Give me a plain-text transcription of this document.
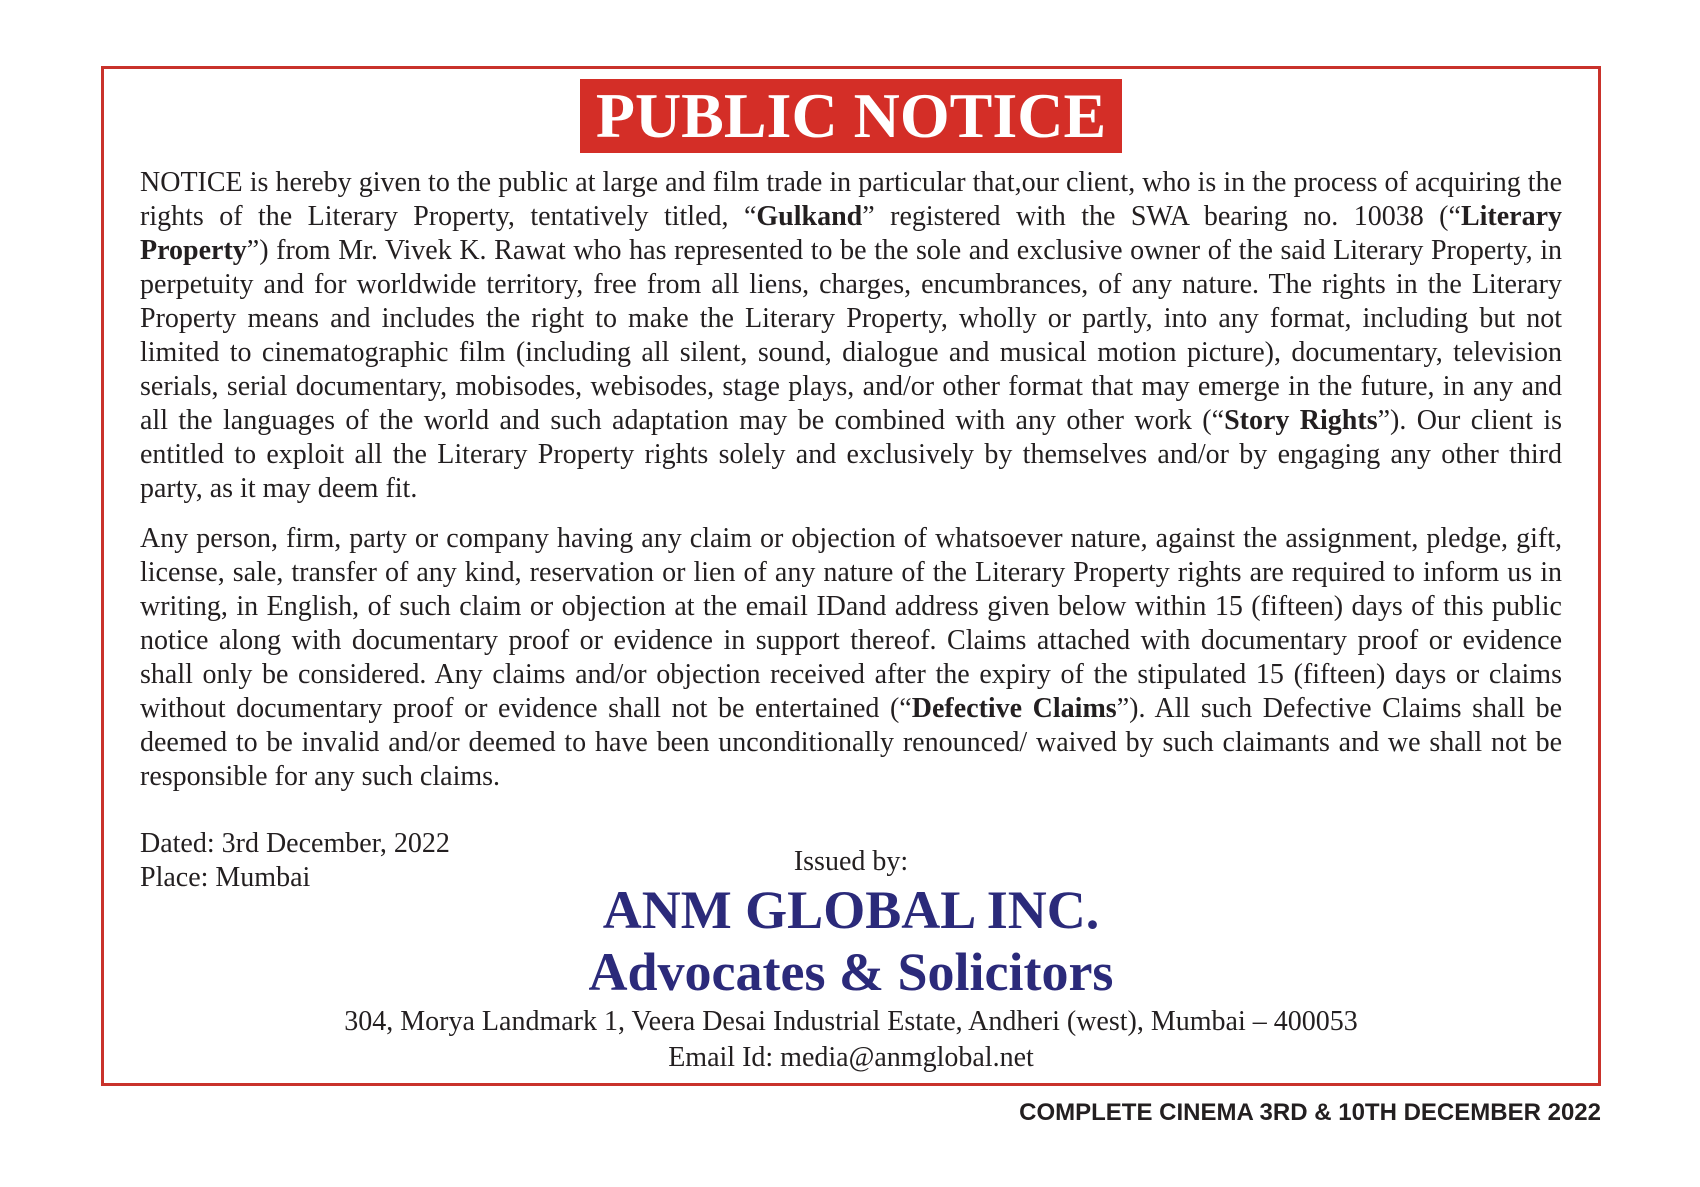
PUBLIC NOTICE

NOTICE is hereby given to the public at large and film trade in particular that,our client, who is in the process of acquiring the rights of the Literary Property, tentatively titled, “Gulkand” registered with the SWA bearing no. 10038 (“Literary Property”) from Mr. Vivek K. Rawat who has represented to be the sole and exclusive owner of the said Literary Property, in perpetuity and for worldwide territory, free from all liens, charges, encumbrances, of any nature. The rights in the Literary Property means and includes the right to make the Literary Property, wholly or partly, into any format, including but not limited to cinematographic film (including all silent, sound, dialogue and musical motion picture), documentary, television serials, serial documentary, mobisodes, webisodes, stage plays, and/or other format that may emerge in the future, in any and all the languages of the world and such adaptation may be combined with any other work (“Story Rights”). Our client is entitled to exploit all the Literary Property rights solely and exclusively by themselves and/or by engaging any other third party, as it may deem fit.

Any person, firm, party or company having any claim or objection of whatsoever nature, against the assignment, pledge, gift, license, sale, transfer of any kind, reservation or lien of any nature of the Literary Property rights are required to inform us in writing, in English, of such claim or objection at the email IDand address given below within 15 (fifteen) days of this public notice along with documentary proof or evidence in support thereof. Claims attached with documentary proof or evidence shall only be considered. Any claims and/or objection received after the expiry of the stipulated 15 (fifteen) days or claims without documentary proof or evidence shall not be entertained (“Defective Claims”). All such Defective Claims shall be deemed to be invalid and/or deemed to have been unconditionally renounced/ waived by such claimants and we shall not be responsible for any such claims.

Dated: 3rd December, 2022
Place: Mumbai
Issued by:
ANM GLOBAL INC.
Advocates & Solicitors
304, Morya Landmark 1, Veera Desai Industrial Estate, Andheri (west), Mumbai – 400053
Email Id: media@anmglobal.net
COMPLETE CINEMA 3RD & 10TH DECEMBER 2022
